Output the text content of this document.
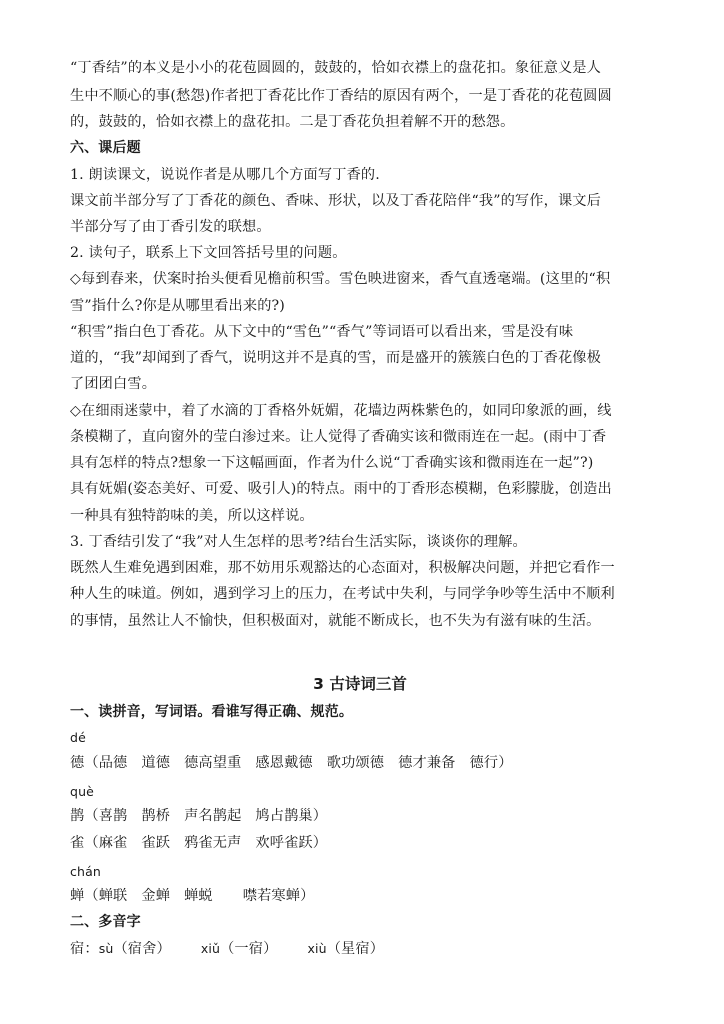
“丁香结”的本义是小小的花苞圆圆的，鼓鼓的，恰如衣襟上的盘花扣。象征意义是人
生中不顺心的事(愁怨)作者把丁香花比作丁香结的原因有两个，一是丁香花的花苞圆圆
的，鼓鼓的，恰如衣襟上的盘花扣。二是丁香花负担着解不开的愁怨。
六、课后题
1. 朗读课文，说说作者是从哪几个方面写丁香的.
课文前半部分写了丁香花的颜色、香味、形状，以及丁香花陪伴“我”的写作，课文后
半部分写了由丁香引发的联想。
2. 读句子，联系上下文回答括号里的问题。
◇每到春来，伏案时抬头便看见檐前积雪。雪色映进窗来，香气直透毫端。(这里的“积
雪”指什么?你是从哪里看出来的?)
“积雪”指白色丁香花。从下文中的“雪色”“香气”等词语可以看出来，雪是没有味
道的，“我”却闻到了香气，说明这并不是真的雪，而是盛开的簇簇白色的丁香花像极
了团团白雪。
◇在细雨迷蒙中，着了水滴的丁香格外妩媚，花墙边两株紫色的，如同印象派的画，线
条模糊了，直向窗外的莹白渗过来。让人觉得了香确实该和微雨连在一起。(雨中丁香
具有怎样的特点?想象一下这幅画面，作者为什么说“丁香确实该和微雨连在一起”?)
具有妩媚(姿态美好、可爱、吸引人)的特点。雨中的丁香形态模糊，色彩朦胧，创造出
一种具有独特韵味的美，所以这样说。
3. 丁香结引发了“我”对人生怎样的思考?结台生活实际，谈谈你的理解。
既然人生难免遇到困难，那不妨用乐观豁达的心态面对，积极解决问题，并把它看作一
种人生的味道。例如，遇到学习上的压力，在考试中失利，与同学争吵等生活中不顺利
的事情，虽然让人不愉快，但积极面对，就能不断成长，也不失为有滋有味的生活。
3 古诗词三首
一、读拼音，写词语。看谁写得正确、规范。
dé
德（品德 道德 德高望重 感恩戴德 歌功颂德 德才兼备 德行）
què
鹊（喜鹊 鹊桥 声名鹊起 鸠占鹊巢）
雀（麻雀 雀跃 鸦雀无声 欢呼雀跃）
chán
蝉（蝉联 金蝉 蝉蜕 噤若寒蝉）
二、多音字
宿：sù（宿舍） xiǔ（一宿） xiù（星宿）
